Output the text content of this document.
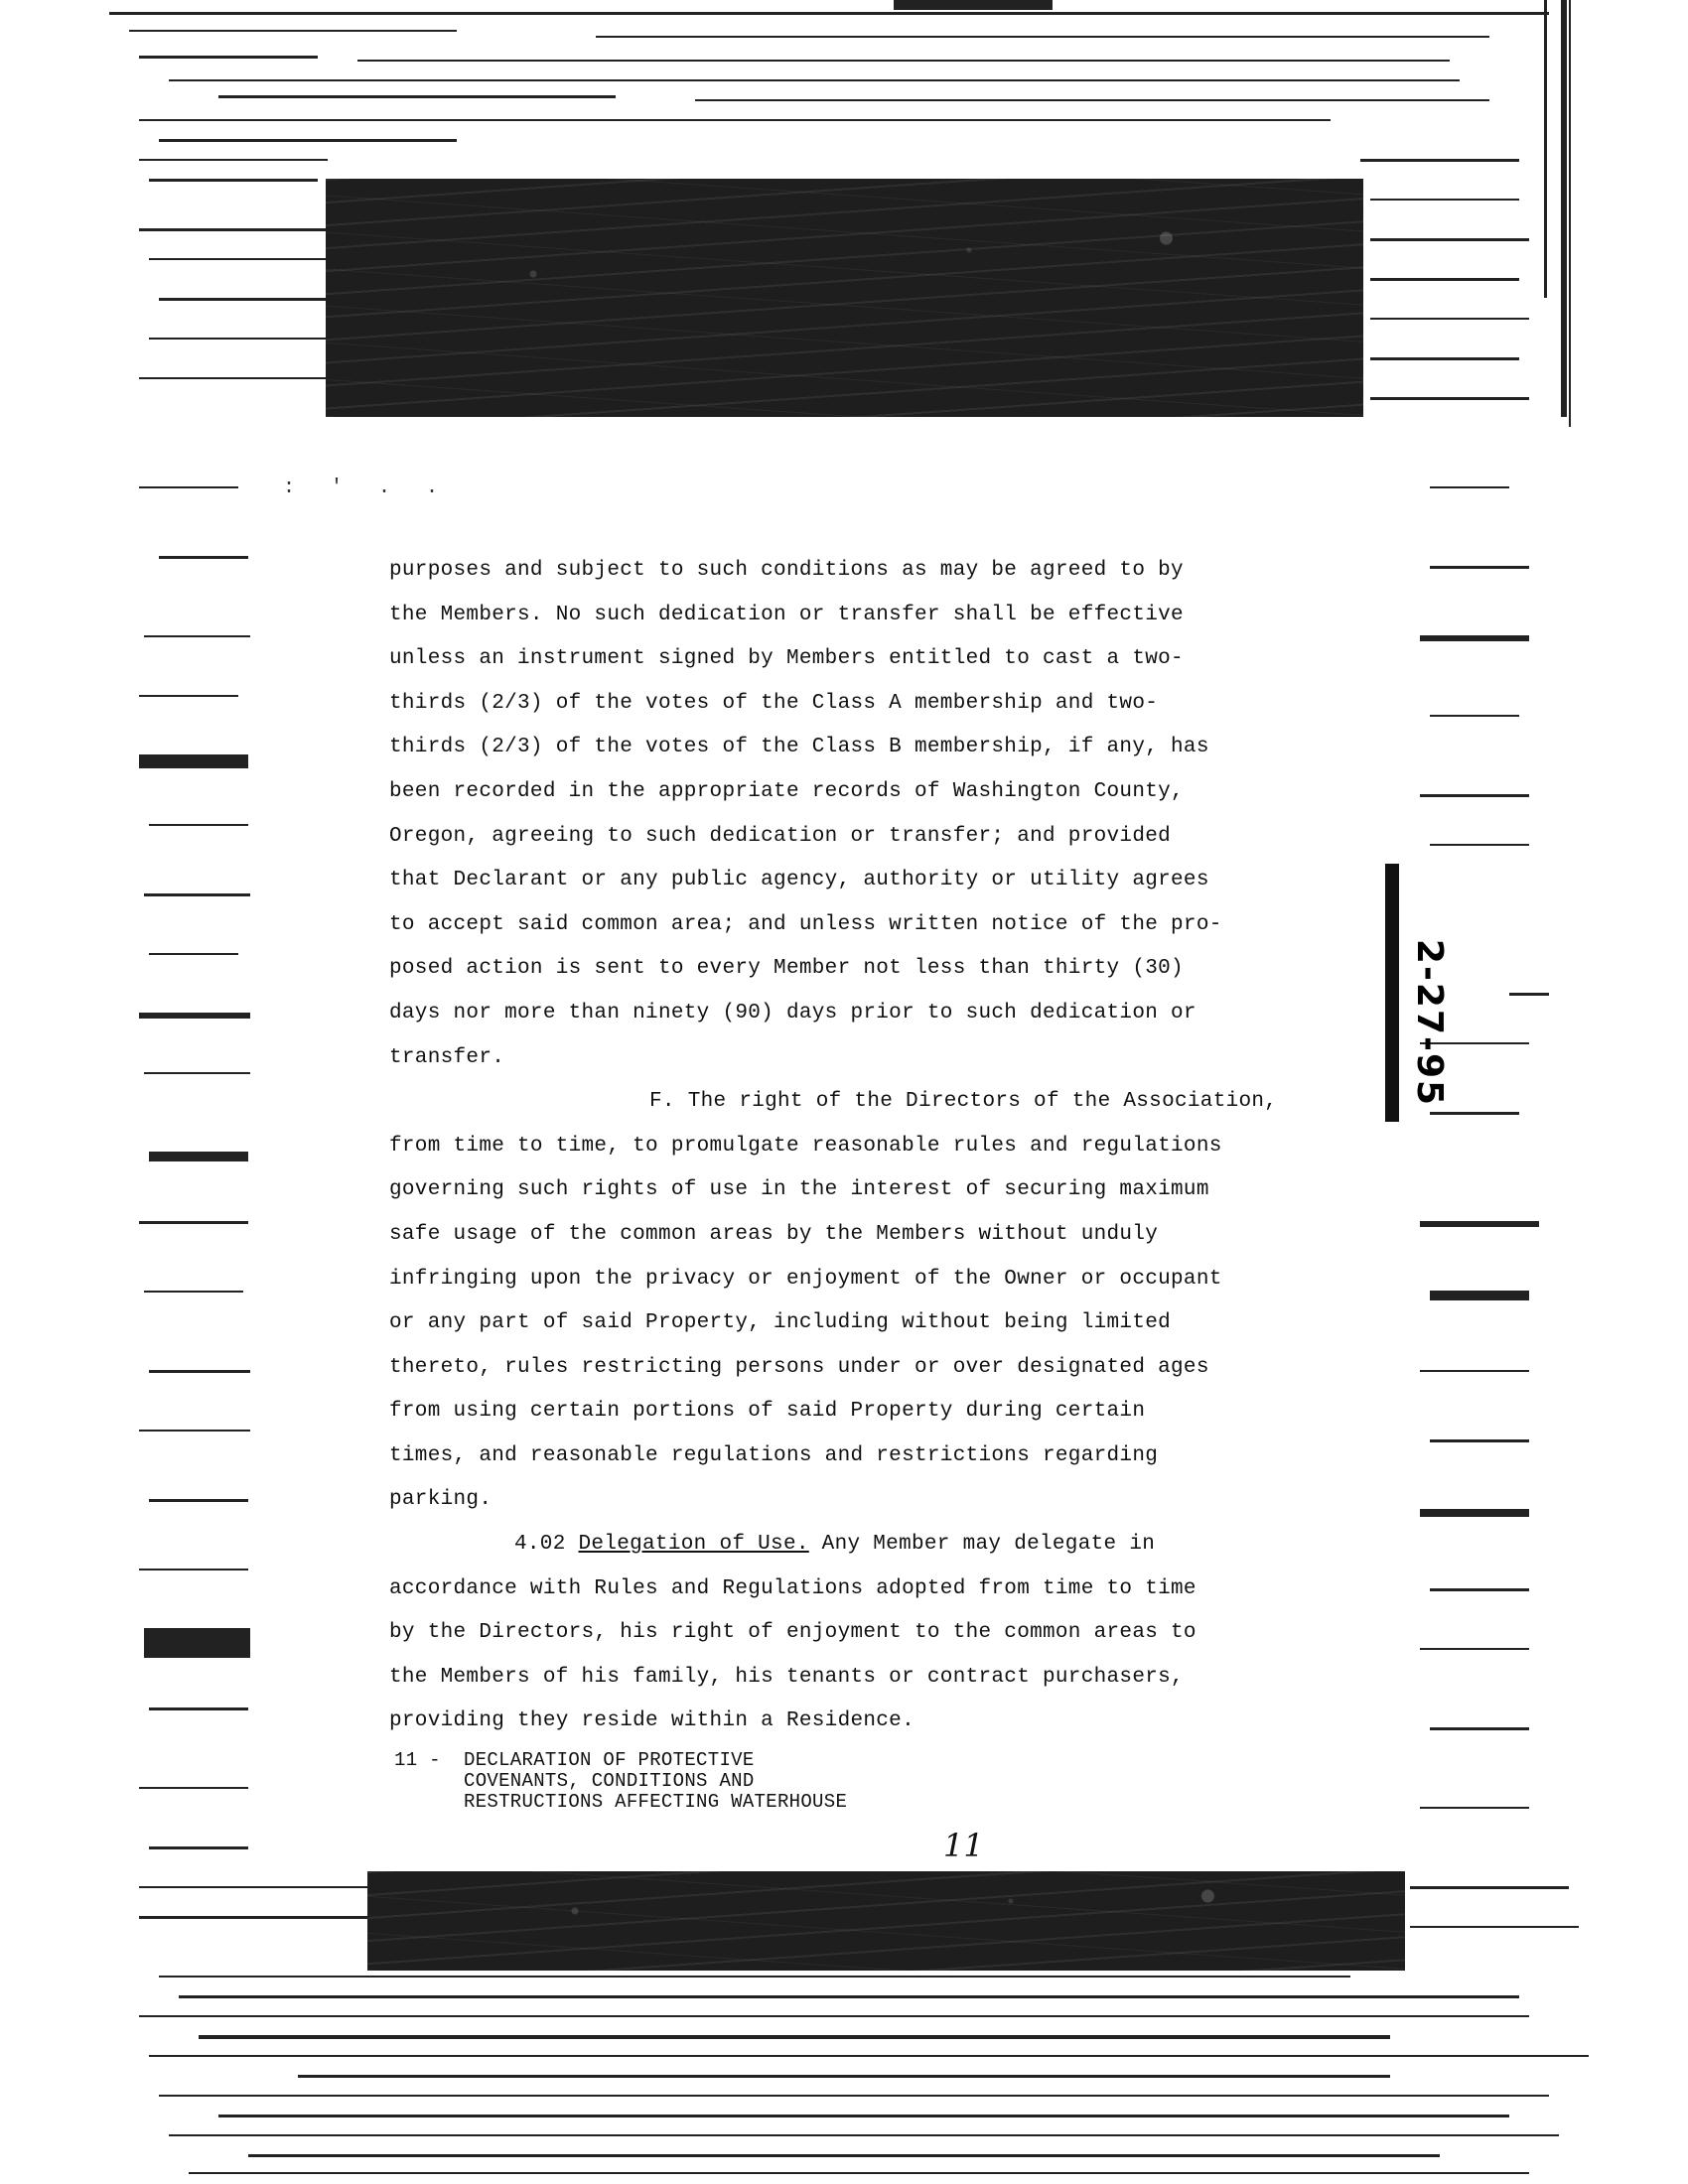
: ' . .
2-27-95

purposes and subject to such conditions as may be agreed to by
the Members. No such dedication or transfer shall be effective
unless an instrument signed by Members entitled to cast a two-
thirds (2/3) of the votes of the Class A membership and two-
thirds (2/3) of the votes of the Class B membership, if any, has
been recorded in the appropriate records of Washington County,
Oregon, agreeing to such dedication or transfer; and provided
that Declarant or any public agency, authority or utility agrees
to accept said common area; and unless written notice of the pro-
posed action is sent to every Member not less than thirty (30)
days nor more than ninety (90) days prior to such dedication or
transfer.

F. The right of the Directors of the Association,
from time to time, to promulgate reasonable rules and regulations
governing such rights of use in the interest of securing maximum
safe usage of the common areas by the Members without unduly
infringing upon the privacy or enjoyment of the Owner or occupant
or any part of said Property, including without being limited
thereto, rules restricting persons under or over designated ages
from using certain portions of said Property during certain
times, and reasonable regulations and restrictions regarding
parking.

4.02 Delegation of Use. Any Member may delegate in
accordance with Rules and Regulations adopted from time to time
by the Directors, his right of enjoyment to the common areas to
the Members of his family, his tenants or contract purchasers,
providing they reside within a Residence.

11 - DECLARATION OF PROTECTIVE
COVENANTS, CONDITIONS AND
RESTRUCTIONS AFFECTING WATERHOUSE
11
